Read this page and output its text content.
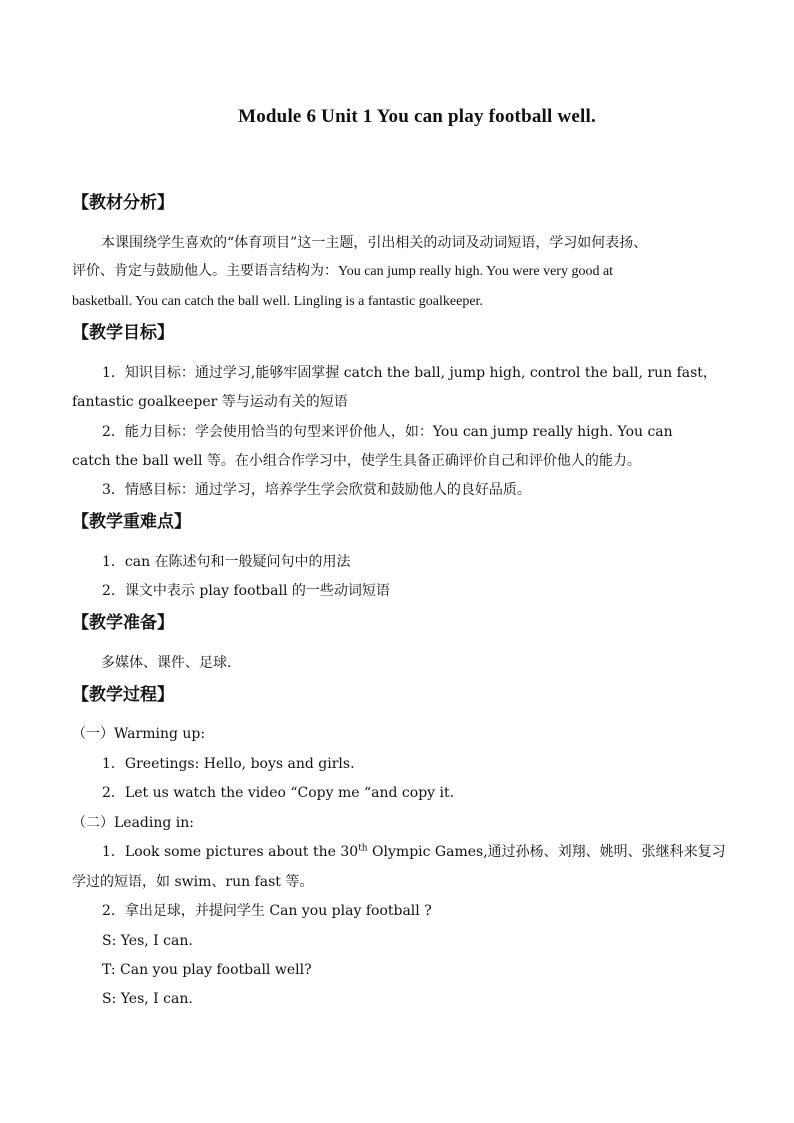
Module 6 Unit 1 You can play football well.
【教材分析】
本课围绕学生喜欢的“体育项目”这一主题，引出相关的动词及动词短语，学习如何表扬、
评价、肯定与鼓励他人。主要语言结构为：You can jump really high. You were very good at
basketball. You can catch the ball well. Lingling is a fantastic goalkeeper.
【教学目标】
1．知识目标：通过学习,能够牢固掌握 catch the ball, jump high, control the ball, run fast，
fantastic goalkeeper 等与运动有关的短语
2．能力目标：学会使用恰当的句型来评价他人，如：You can jump really high. You can
catch the ball well 等。在小组合作学习中，使学生具备正确评价自己和评价他人的能力。
3．情感目标：通过学习，培养学生学会欣赏和鼓励他人的良好品质。
【教学重难点】
1．can 在陈述句和一般疑问句中的用法
2．课文中表示 play football 的一些动词短语
【教学准备】
多媒体、课件、足球.
【教学过程】
（一）Warming up:
1．Greetings: Hello, boys and girls.
2．Let us watch the video “Copy me “and copy it.
（二）Leading in:
1．Look some pictures about the 30th Olympic Games,通过孙杨、刘翔、姚明、张继科来复习
学过的短语，如 swim、run fast 等。
2．拿出足球，并提问学生 Can you play football ?
S: Yes, I can.
T: Can you play football well?
S: Yes, I can.
